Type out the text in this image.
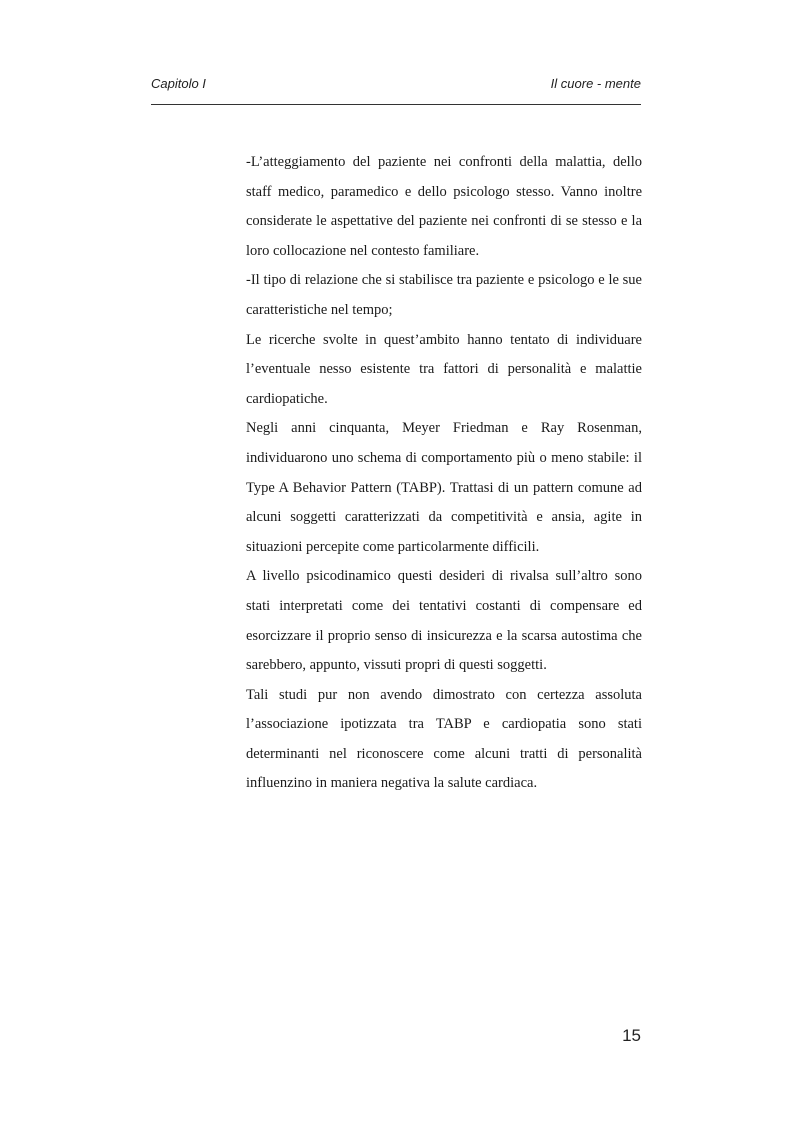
Capitolo I	Il cuore - mente

-L’atteggiamento del paziente nei confronti della malattia, dello staff medico, paramedico e dello psicologo stesso. Vanno inoltre considerate le aspettative del paziente nei confronti di se stesso e la loro collocazione nel contesto familiare.

-Il tipo di relazione che si stabilisce tra paziente e psicologo e le sue caratteristiche nel tempo;

Le ricerche svolte in quest’ambito hanno tentato di individuare l’eventuale nesso esistente tra fattori di personalità e malattie cardiopatiche.

Negli anni cinquanta, Meyer Friedman e Ray Rosenman, individuarono uno schema di comportamento più o meno stabile: il Type A Behavior Pattern (TABP). Trattasi di un pattern comune ad alcuni soggetti caratterizzati da competitività e ansia, agite in situazioni percepite come particolarmente difficili.

A livello psicodinamico questi desideri di rivalsa sull’altro sono stati interpretati come dei tentativi costanti di compensare ed esorcizzare il proprio senso di insicurezza e la scarsa autostima che sarebbero, appunto, vissuti propri di questi soggetti.

Tali studi pur non avendo dimostrato con certezza assoluta l’associazione ipotizzata tra TABP e cardiopatia sono stati determinanti nel riconoscere come alcuni tratti di personalità influenzino in maniera negativa la salute cardiaca.

15
